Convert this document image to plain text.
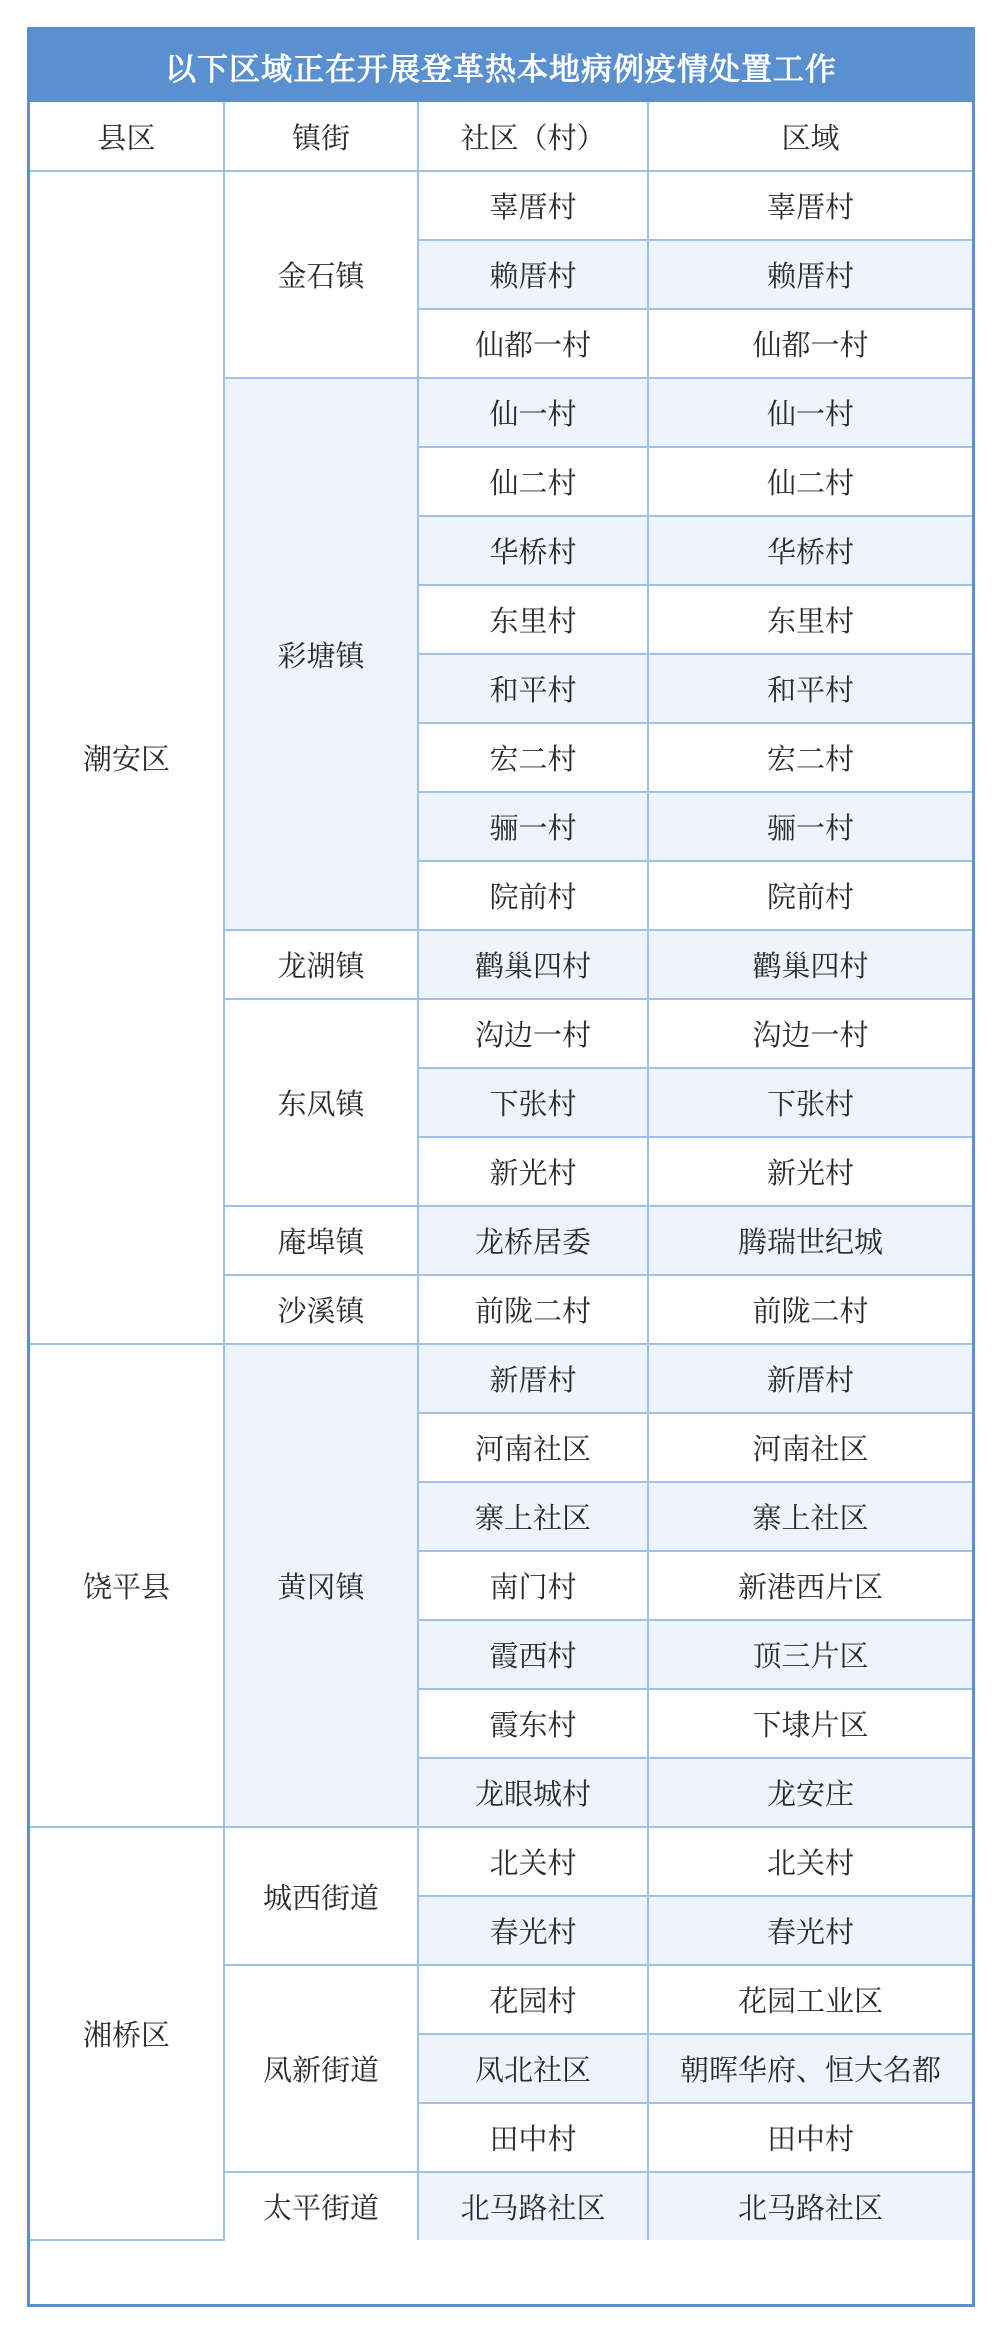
以下区域正在开展登革热本地病例疫情处置工作
县区	镇街	社区（村）	区域
潮安区	金石镇	辜厝村	辜厝村
		赖厝村	赖厝村
		仙都一村	仙都一村
	彩塘镇	仙一村	仙一村
		仙二村	仙二村
		华桥村	华桥村
		东里村	东里村
		和平村	和平村
		宏二村	宏二村
		骊一村	骊一村
		院前村	院前村
	龙湖镇	鹳巢四村	鹳巢四村
	东凤镇	沟边一村	沟边一村
		下张村	下张村
		新光村	新光村
	庵埠镇	龙桥居委	腾瑞世纪城
	沙溪镇	前陇二村	前陇二村
饶平县	黄冈镇	新厝村	新厝村
		河南社区	河南社区
		寨上社区	寨上社区
		南门村	新港西片区
		霞西村	顶三片区
		霞东村	下埭片区
		龙眼城村	龙安庄
湘桥区	城西街道	北关村	北关村
		春光村	春光村
	凤新街道	花园村	花园工业区
		凤北社区	朝晖华府、恒大名都
		田中村	田中村
	太平街道	北马路社区	北马路社区
